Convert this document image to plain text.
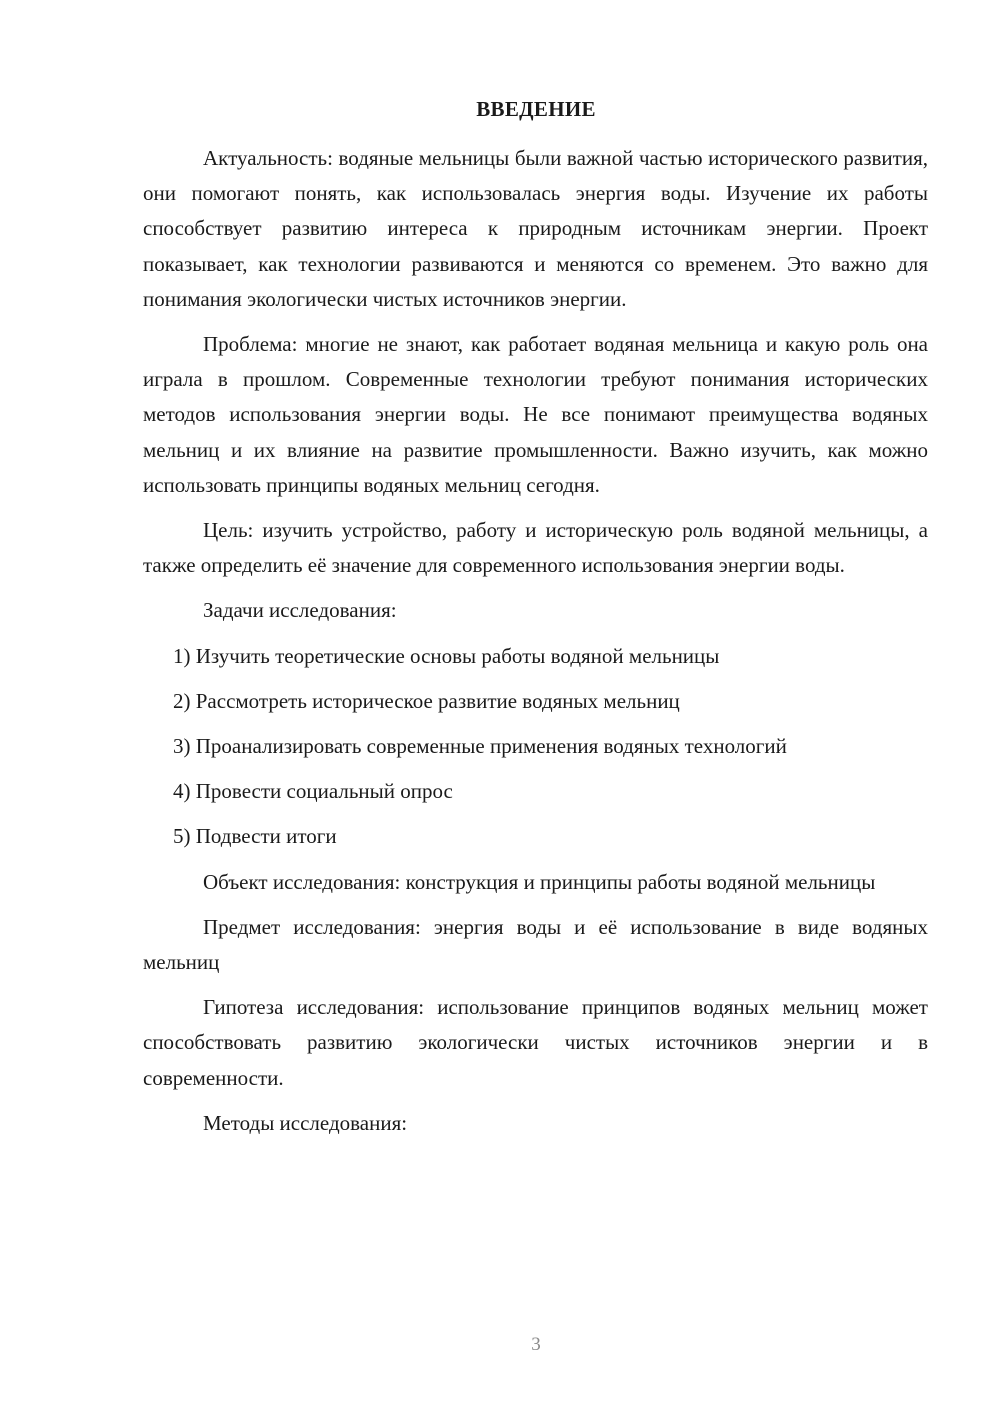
ВВЕДЕНИЕ

Актуальность: водяные мельницы были важной частью исторического развития, они помогают понять, как использовалась энергия воды. Изучение их работы способствует развитию интереса к природным источникам энергии. Проект показывает, как технологии развиваются и меняются со временем. Это важно для понимания экологически чистых источников энергии.

Проблема: многие не знают, как работает водяная мельница и какую роль она играла в прошлом. Современные технологии требуют понимания исторических методов использования энергии воды. Не все понимают преимущества водяных мельниц и их влияние на развитие промышленности. Важно изучить, как можно использовать принципы водяных мельниц сегодня.

Цель: изучить устройство, работу и историческую роль водяной мельницы, а также определить её значение для современного использования энергии воды.

Задачи исследования:

1) Изучить теоретические основы работы водяной мельницы
2) Рассмотреть историческое развитие водяных мельниц
3) Проанализировать современные применения водяных технологий
4) Провести социальный опрос
5) Подвести итоги

Объект исследования: конструкция и принципы работы водяной мельницы

Предмет исследования: энергия воды и её использование в виде водяных мельниц

Гипотеза исследования: использование принципов водяных мельниц может способствовать развитию экологически чистых источников энергии и в современности.

Методы исследования:

3
